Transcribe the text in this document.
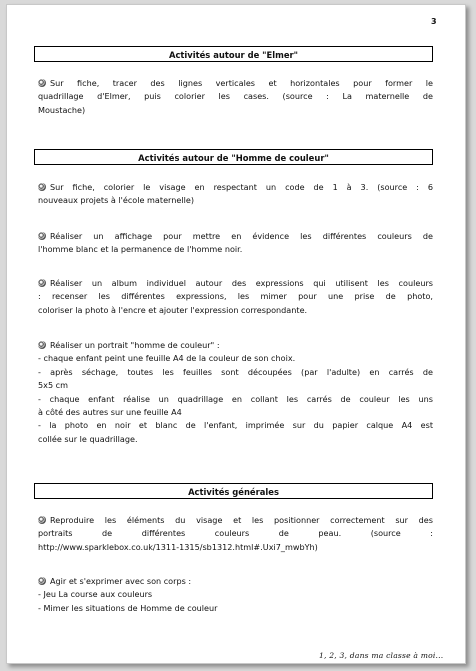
3
Activités autour de "Elmer"
Sur fiche, tracer des lignes verticales et horizontales pour former le
quadrillage d'Elmer, puis colorier les cases. (source : La maternelle de
Moustache)
Activités autour de "Homme de couleur"
Sur fiche, colorier le visage en respectant un code de 1 à 3. (source : 6
nouveaux projets à l'école maternelle)
Réaliser un affichage pour mettre en évidence les différentes couleurs de
l'homme blanc et la permanence de l'homme noir.
Réaliser un album individuel autour des expressions qui utilisent les couleurs
: recenser les différentes expressions, les mimer pour une prise de photo,
coloriser la photo à l'encre et ajouter l'expression correspondante.
Réaliser un portrait "homme de couleur" :
- chaque enfant peint une feuille A4 de la couleur de son choix.
- après séchage, toutes les feuilles sont découpées (par l'adulte) en carrés de
5x5 cm
- chaque enfant réalise un quadrillage en collant les carrés de couleur les uns
à côté des autres sur une feuille A4
- la photo en noir et blanc de l'enfant, imprimée sur du papier calque A4 est
collée sur le quadrillage.
Activités générales
Reproduire les éléments du visage et les positionner correctement sur des
portraits de différentes couleurs de peau. (source :
http://www.sparklebox.co.uk/1311-1315/sb1312.html#.Uxi7_mwbYh)
Agir et s'exprimer avec son corps :
- Jeu La course aux couleurs
- Mimer les situations de Homme de couleur
1, 2, 3, dans ma classe à moi...
